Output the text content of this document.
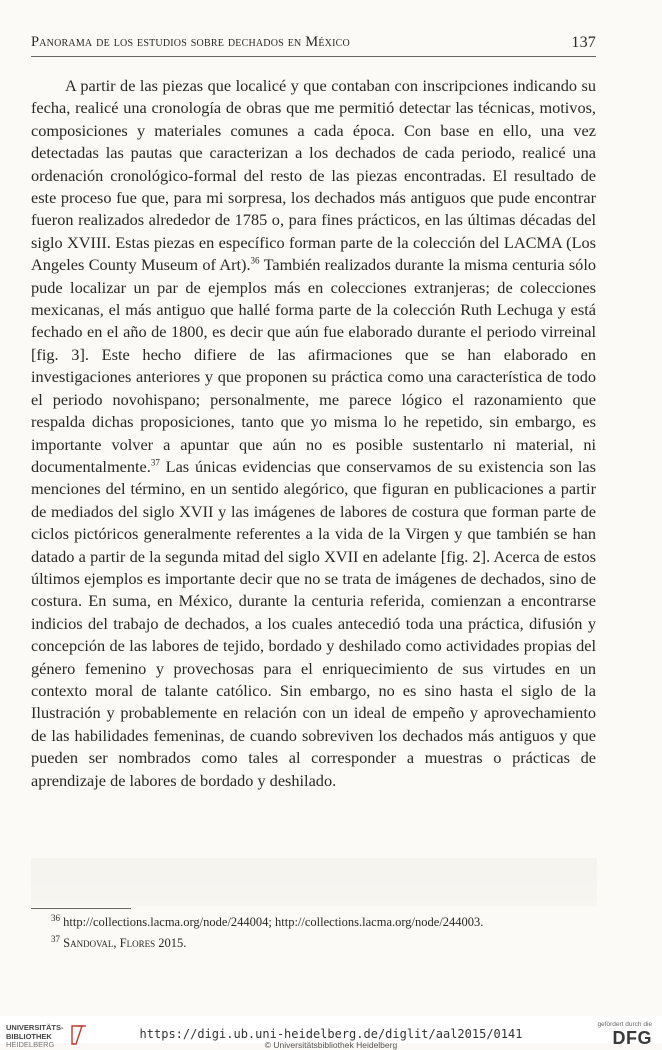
Panorama de los estudios sobre dechados en México	137

A partir de las piezas que localicé y que contaban con inscripciones indicando su fecha, realicé una cronología de obras que me permitió detectar las técnicas, motivos, composiciones y materiales comunes a cada época. Con base en ello, una vez detectadas las pautas que caracterizan a los dechados de cada periodo, realicé una ordenación cronológico-formal del resto de las piezas encontradas. El resultado de este proceso fue que, para mi sorpresa, los dechados más antiguos que pude encontrar fueron realizados alrededor de 1785 o, para fines prácticos, en las últimas décadas del siglo XVIII. Estas piezas en específico forman parte de la colección del LACMA (Los Angeles County Museum of Art).$^{36}$ También realizados durante la misma centuria sólo pude localizar un par de ejemplos más en colecciones extranjeras; de colecciones mexicanas, el más antiguo que hallé forma parte de la colección Ruth Lechuga y está fechado en el año de 1800, es decir que aún fue elaborado durante el periodo virreinal [fig. 3]. Este hecho difiere de las afirmaciones que se han elaborado en investigaciones anteriores y que proponen su práctica como una característica de todo el periodo novohispano; personalmente, me parece lógico el razonamiento que respalda dichas proposiciones, tanto que yo misma lo he repetido, sin embargo, es importante volver a apuntar que aún no es posible sustentarlo ni material, ni documentalmente.$^{37}$ Las únicas evidencias que conservamos de su existencia son las menciones del término, en un sentido alegórico, que figuran en publicaciones a partir de mediados del siglo XVII y las imágenes de labores de costura que forman parte de ciclos pictóricos generalmente referentes a la vida de la Virgen y que también se han datado a partir de la segunda mitad del siglo XVII en adelante [fig. 2]. Acerca de estos últimos ejemplos es importante decir que no se trata de imágenes de dechados, sino de costura. En suma, en México, durante la centuria referida, comienzan a encontrarse indicios del trabajo de dechados, a los cuales antecedió toda una práctica, difusión y concepción de las labores de tejido, bordado y deshilado como actividades propias del género femenino y provechosas para el enriquecimiento de sus virtudes en un contexto moral de talante católico. Sin embargo, no es sino hasta el siglo de la Ilustración y probablemente en relación con un ideal de empeño y aprovechamiento de las habilidades femeninas, de cuando sobreviven los dechados más antiguos y que pueden ser nombrados como tales al corresponder a muestras o prácticas de aprendizaje de labores de bordado y deshilado.

$^{36}$ http://collections.lacma.org/node/244004; http://collections.lacma.org/node/244003.
$^{37}$ Sandoval, Flores 2015.
UNIVERSITÄTS-
BIBLIOTHEK
HEIDELBERG
https://digi.ub.uni-heidelberg.de/diglit/aal2015/0141
© Universitätsbibliothek Heidelberg
gefördert durch die
DFG
